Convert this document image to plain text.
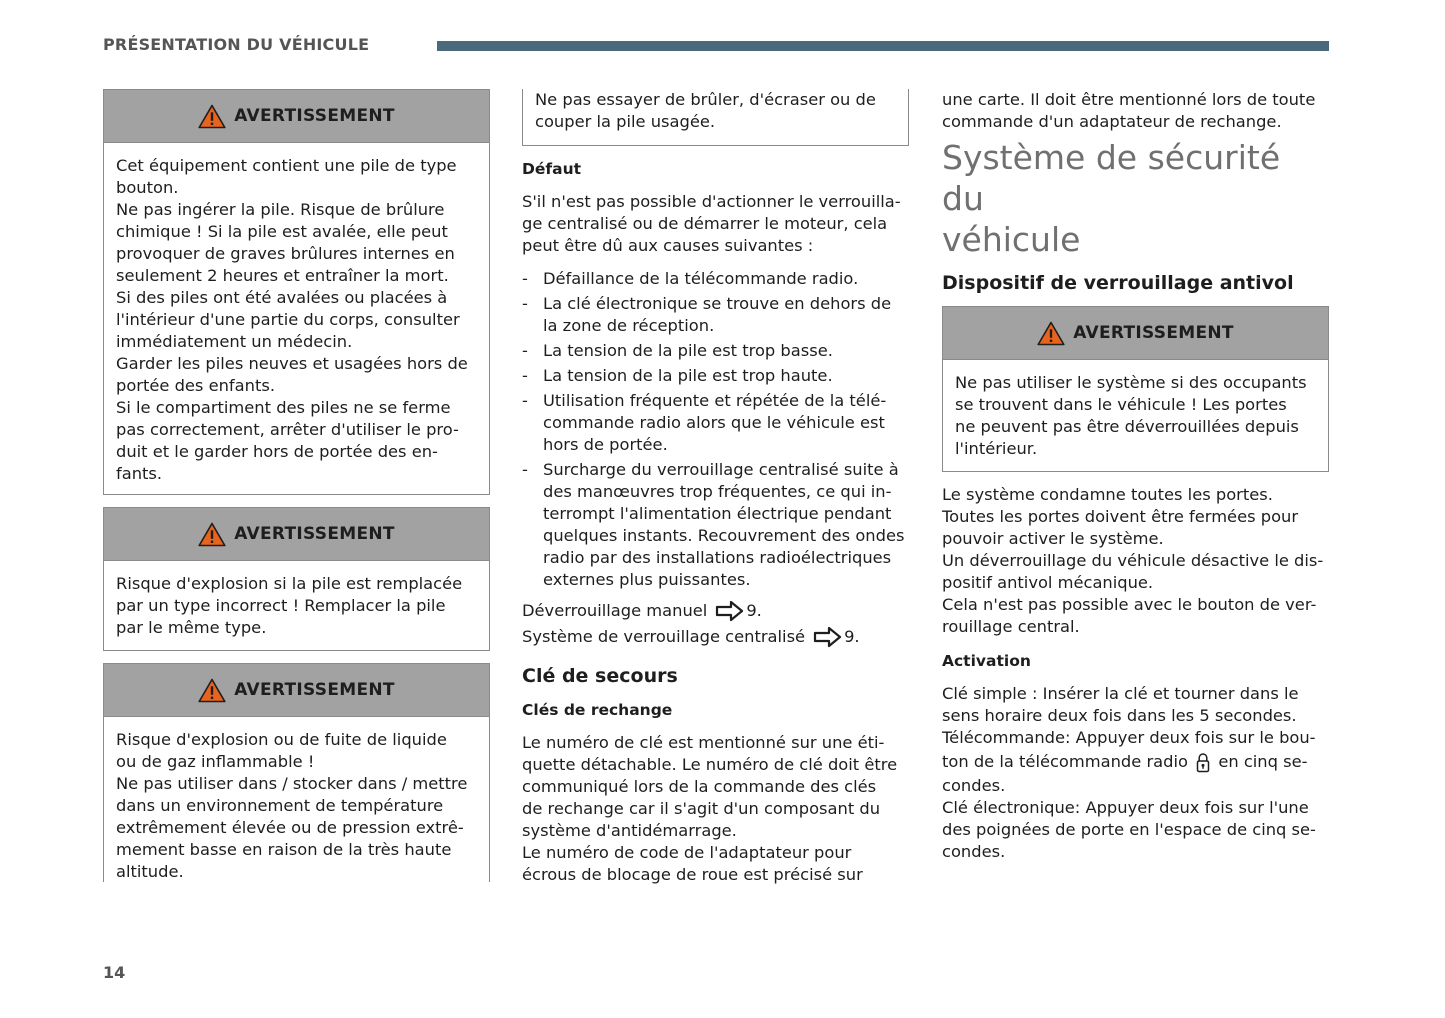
PRÉSENTATION DU VÉHICULE
AVERTISSEMENT

Cet équipement contient une pile de type

bouton.

Ne pas ingérer la pile. Risque de brûlure

chimique ! Si la pile est avalée, elle peut

provoquer de graves brûlures internes en

seulement 2 heures et entraîner la mort.

Si des piles ont été avalées ou placées à

l'intérieur d'une partie du corps, consulter

immédiatement un médecin.

Garder les piles neuves et usagées hors de

portée des enfants.

Si le compartiment des piles ne se ferme

pas correctement, arrêter d'utiliser le pro-

duit et le garder hors de portée des en-

fants.

AVERTISSEMENT

Risque d'explosion si la pile est remplacée

par un type incorrect ! Remplacer la pile

par le même type.

AVERTISSEMENT

Risque d'explosion ou de fuite de liquide

ou de gaz inflammable !

Ne pas utiliser dans / stocker dans / mettre

dans un environnement de température

extrêmement élevée ou de pression extrê-

mement basse en raison de la très haute

altitude.

Ne pas essayer de brûler, d'écraser ou de

couper la pile usagée.

Défaut

S'il n'est pas possible d'actionner le verrouilla-

ge centralisé ou de démarrer le moteur, cela

peut être dû aux causes suivantes :

- Défaillance de la télécommande radio.
- La clé électronique se trouve en dehors de
la zone de réception.
- La tension de la pile est trop basse.
- La tension de la pile est trop haute.
- Utilisation fréquente et répétée de la télé-
commande radio alors que le véhicule est
hors de portée.
- Surcharge du verrouillage centralisé suite à
des manœuvres trop fréquentes, ce qui in-
terrompt l'alimentation électrique pendant
quelques instants. Recouvrement des ondes
radio par des installations radioélectriques
externes plus puissantes.

Déverrouillage manuel 9.

Système de verrouillage centralisé 9.

Clé de secours

Clés de rechange

Le numéro de clé est mentionné sur une éti-

quette détachable. Le numéro de clé doit être

communiqué lors de la commande des clés

de rechange car il s'agit d'un composant du

système d'antidémarrage.

Le numéro de code de l'adaptateur pour

écrous de blocage de roue est précisé sur

une carte. Il doit être mentionné lors de toute

commande d'un adaptateur de rechange.

Système de sécurité du
véhicule

Dispositif de verrouillage antivol

AVERTISSEMENT

Ne pas utiliser le système si des occupants

se trouvent dans le véhicule ! Les portes

ne peuvent pas être déverrouillées depuis

l'intérieur.

Le système condamne toutes les portes.

Toutes les portes doivent être fermées pour

pouvoir activer le système.

Un déverrouillage du véhicule désactive le dis-

positif antivol mécanique.

Cela n'est pas possible avec le bouton de ver-

rouillage central.

Activation

Clé simple : Insérer la clé et tourner dans le

sens horaire deux fois dans les 5 secondes.

Télécommande: Appuyer deux fois sur le bou-

ton de la télécommande radio en cinq se-

condes.

Clé électronique: Appuyer deux fois sur l'une

des poignées de porte en l'espace de cinq se-

condes.

14
